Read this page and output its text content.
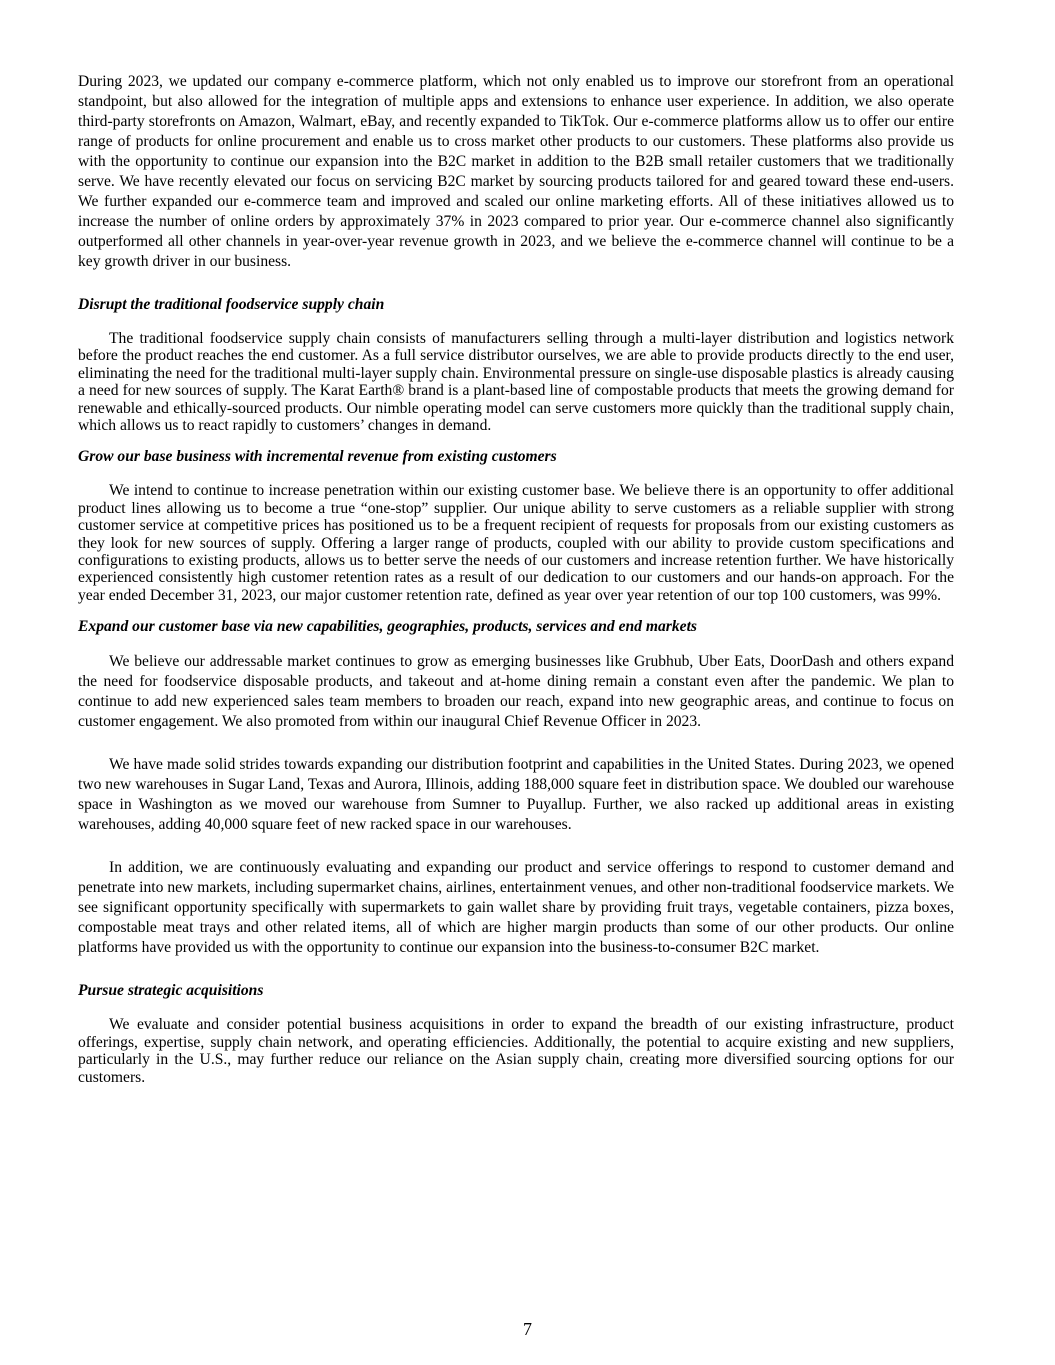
During 2023, we updated our company e-commerce platform, which not only enabled us to improve our storefront from an operational standpoint, but also allowed for the integration of multiple apps and extensions to enhance user experience. In addition, we also operate third-party storefronts on Amazon, Walmart, eBay, and recently expanded to TikTok. Our e-commerce platforms allow us to offer our entire range of products for online procurement and enable us to cross market other products to our customers. These platforms also provide us with the opportunity to continue our expansion into the B2C market in addition to the B2B small retailer customers that we traditionally serve. We have recently elevated our focus on servicing B2C market by sourcing products tailored for and geared toward these end-users. We further expanded our e-commerce team and improved and scaled our online marketing efforts. All of these initiatives allowed us to increase the number of online orders by approximately 37% in 2023 compared to prior year. Our e-commerce channel also significantly outperformed all other channels in year-over-year revenue growth in 2023, and we believe the e-commerce channel will continue to be a key growth driver in our business.

Disrupt the traditional foodservice supply chain

The traditional foodservice supply chain consists of manufacturers selling through a multi-layer distribution and logistics network before the product reaches the end customer. As a full service distributor ourselves, we are able to provide products directly to the end user, eliminating the need for the traditional multi-layer supply chain. Environmental pressure on single-use disposable plastics is already causing a need for new sources of supply. The Karat Earth® brand is a plant-based line of compostable products that meets the growing demand for renewable and ethically-sourced products. Our nimble operating model can serve customers more quickly than the traditional supply chain, which allows us to react rapidly to customers’ changes in demand.

Grow our base business with incremental revenue from existing customers

We intend to continue to increase penetration within our existing customer base. We believe there is an opportunity to offer additional product lines allowing us to become a true “one-stop” supplier. Our unique ability to serve customers as a reliable supplier with strong customer service at competitive prices has positioned us to be a frequent recipient of requests for proposals from our existing customers as they look for new sources of supply. Offering a larger range of products, coupled with our ability to provide custom specifications and configurations to existing products, allows us to better serve the needs of our customers and increase retention further. We have historically experienced consistently high customer retention rates as a result of our dedication to our customers and our hands-on approach. For the year ended December 31, 2023, our major customer retention rate, defined as year over year retention of our top 100 customers, was 99%.

Expand our customer base via new capabilities, geographies, products, services and end markets

We believe our addressable market continues to grow as emerging businesses like Grubhub, Uber Eats, DoorDash and others expand the need for foodservice disposable products, and takeout and at-home dining remain a constant even after the pandemic. We plan to continue to add new experienced sales team members to broaden our reach, expand into new geographic areas, and continue to focus on customer engagement. We also promoted from within our inaugural Chief Revenue Officer in 2023.

We have made solid strides towards expanding our distribution footprint and capabilities in the United States. During 2023, we opened two new warehouses in Sugar Land, Texas and Aurora, Illinois, adding 188,000 square feet in distribution space. We doubled our warehouse space in Washington as we moved our warehouse from Sumner to Puyallup. Further, we also racked up additional areas in existing warehouses, adding 40,000 square feet of new racked space in our warehouses.

In addition, we are continuously evaluating and expanding our product and service offerings to respond to customer demand and penetrate into new markets, including supermarket chains, airlines, entertainment venues, and other non-traditional foodservice markets. We see significant opportunity specifically with supermarkets to gain wallet share by providing fruit trays, vegetable containers, pizza boxes, compostable meat trays and other related items, all of which are higher margin products than some of our other products. Our online platforms have provided us with the opportunity to continue our expansion into the business-to-consumer B2C market.

Pursue strategic acquisitions

We evaluate and consider potential business acquisitions in order to expand the breadth of our existing infrastructure, product offerings, expertise, supply chain network, and operating efficiencies. Additionally, the potential to acquire existing and new suppliers, particularly in the U.S., may further reduce our reliance on the Asian supply chain, creating more diversified sourcing options for our customers.

7
